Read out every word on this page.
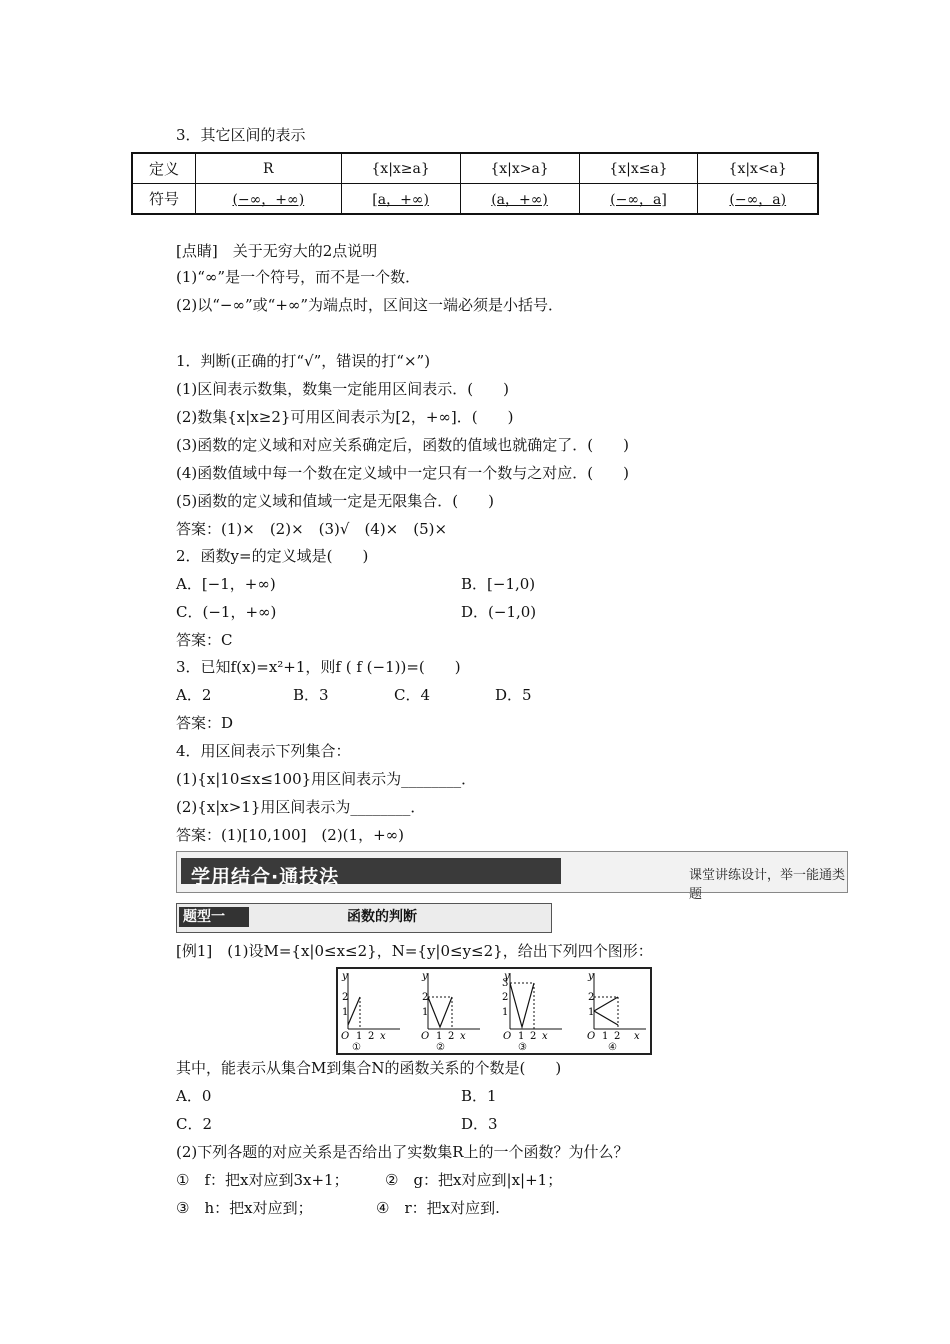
3．其它区间的表示
定义	R	{x|x≥a}	{x|x>a}	{x|x≤a}	{x|x<a}
符号	(−∞，+∞)	[a，+∞)	(a，+∞)	(−∞，a]	(−∞，a)
[点睛]　关于无穷大的2点说明
(1)“∞”是一个符号，而不是一个数．
(2)以“−∞”或“+∞”为端点时，区间这一端必须是小括号．
1．判断(正确的打“√”，错误的打“×”)
(1)区间表示数集，数集一定能用区间表示．(　　)
(2)数集{x|x≥2}可用区间表示为[2，+∞]．(　　)
(3)函数的定义域和对应关系确定后，函数的值域也就确定了．(　　)
(4)函数值域中每一个数在定义域中一定只有一个数与之对应．(　　)
(5)函数的定义域和值域一定是无限集合．(　　)
答案：(1)×　(2)×　(3)√　(4)×　(5)×
2．函数y=的定义域是(　　)
A．[−1，+∞)	B．[−1,0)
C．(−1，+∞)	D．(−1,0)
答案：C
3．已知f(x)=x²+1，则f ( f (−1))=(　　)
A．2	B．3	C．4	D．5
答案：D
4．用区间表示下列集合：
(1){x|10≤x≤100}用区间表示为________．
(2){x|x>1}用区间表示为________．
答案：(1)[10,100]　(2)(1，+∞)
学用结合·通技法	课堂讲练设计，举一能通类题
题型一	函数的判断
[例1]　(1)设M={x|0≤x≤2}，N={y|0≤y≤2}，给出下列四个图形：
y
2
1
O 1 2 x
①
y
2
1
O 1 2 x
②
y
3
2
1
O 1 2 x
③
y
2
1
O 1 2 x
④
其中，能表示从集合M到集合N的函数关系的个数是(　　)
A．0	B．1
C．2	D．3
(2)下列各题的对应关系是否给出了实数集R上的一个函数？为什么？
①　f：把x对应到3x+1； ②　g：把x对应到|x|+1；
③　h：把x对应到；	④　r：把x对应到.
